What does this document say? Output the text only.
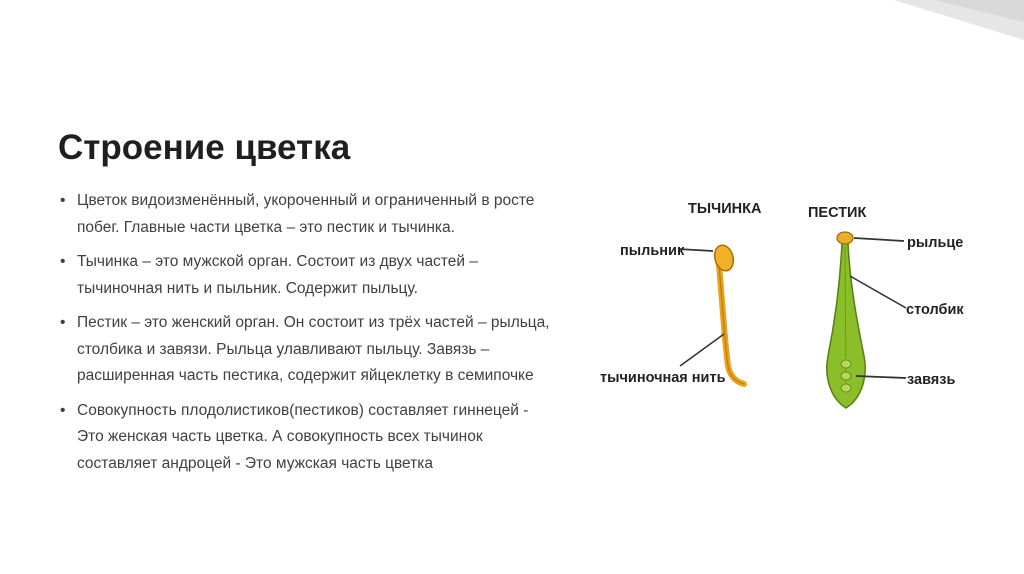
Строение цветка
• Цветок видоизменённый, укороченный и ограниченный в росте побег. Главные части цветка – это пестик и тычинка.
• Тычинка – это мужской орган. Состоит из двух частей – тычиночная нить и пыльник. Содержит пыльцу.
• Пестик – это женский орган. Он состоит из трёх частей – рыльца, столбика и завязи. Рыльца улавливают пыльцу. Завязь – расширенная часть пестика, содержит яйцеклетку в семипочке
• Совокупность плодолистиков(пестиков) составляет гиннецей - Это женская часть цветка. А совокупность всех тычинок составляет андроцей - Это мужская часть цветка
ТЫЧИНКА	ПЕСТИК
пыльник
тычиночная нить
рыльце
столбик
завязь
